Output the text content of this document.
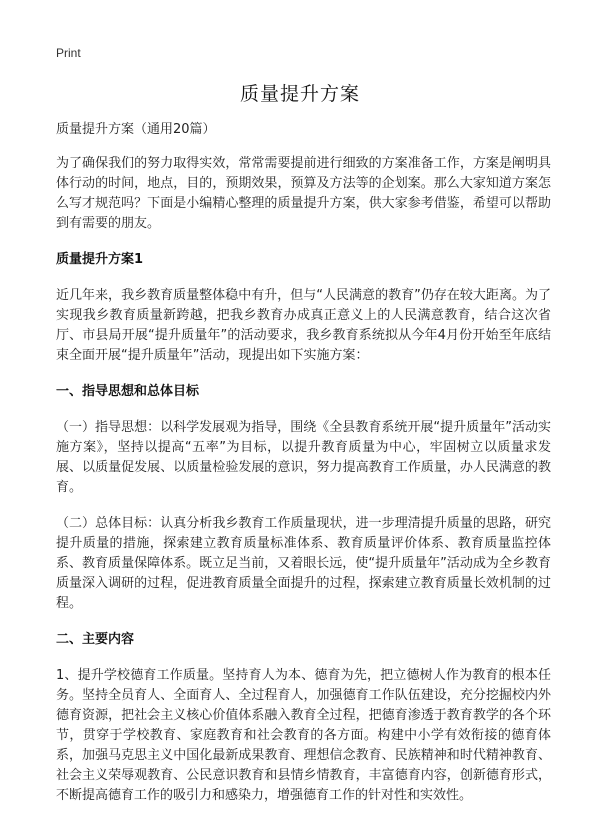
Print
质量提升方案

质量提升方案（通用20篇）

为了确保我们的努力取得实效，常常需要提前进行细致的方案准备工作，方案是阐明具体行动的时间，地点，目的，预期效果，预算及方法等的企划案。那么大家知道方案怎么写才规范吗？下面是小编精心整理的质量提升方案，供大家参考借鉴，希望可以帮助到有需要的朋友。

质量提升方案1

近几年来，我乡教育质量整体稳中有升，但与“人民满意的教育”仍存在较大距离。为了实现我乡教育质量新跨越，把我乡教育办成真正意义上的人民满意教育，结合这次省厅、市县局开展“提升质量年”的活动要求，我乡教育系统拟从今年4月份开始至年底结束全面开展“提升质量年”活动，现提出如下实施方案：

一、指导思想和总体目标

（一）指导思想：以科学发展观为指导，围绕《全县教育系统开展“提升质量年”活动实施方案》，坚持以提高“五率”为目标，以提升教育质量为中心，牢固树立以质量求发展、以质量促发展、以质量检验发展的意识，努力提高教育工作质量，办人民满意的教育。

（二）总体目标：认真分析我乡教育工作质量现状，进一步理清提升质量的思路，研究提升质量的措施，探索建立教育质量标准体系、教育质量评价体系、教育质量监控体系、教育质量保障体系。既立足当前，又着眼长远，使“提升质量年”活动成为全乡教育质量深入调研的过程，促进教育质量全面提升的过程，探索建立教育质量长效机制的过程。

二、主要内容

1、提升学校德育工作质量。坚持育人为本、德育为先，把立德树人作为教育的根本任务。坚持全员育人、全面育人、全过程育人，加强德育工作队伍建设，充分挖掘校内外德育资源，把社会主义核心价值体系融入教育全过程，把德育渗透于教育教学的各个环节，贯穿于学校教育、家庭教育和社会教育的各方面。构建中小学有效衔接的德育体系，加强马克思主义中国化最新成果教育、理想信念教育、民族精神和时代精神教育、社会主义荣辱观教育、公民意识教育和县情乡情教育，丰富德育内容，创新德育形式，不断提高德育工作的吸引力和感染力，增强德育工作的针对性和实效性。
